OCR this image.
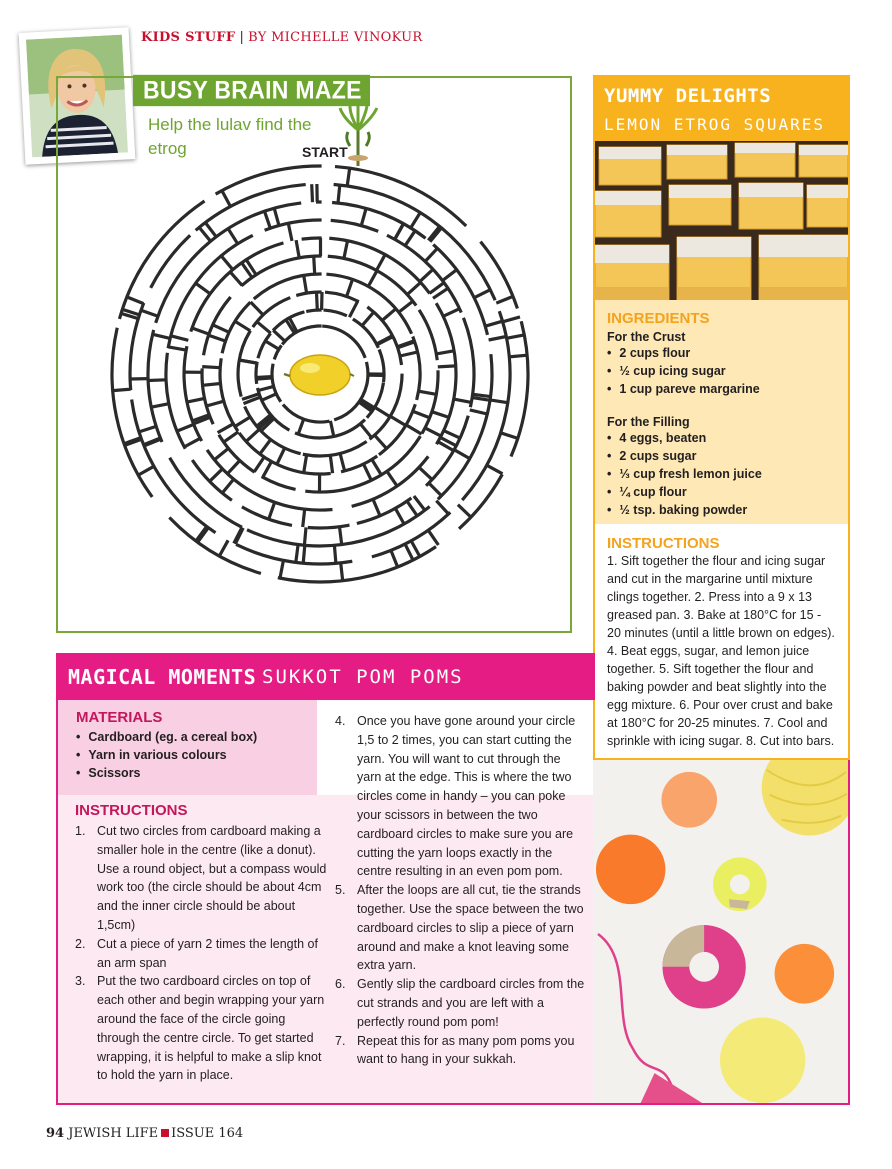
KIDS STUFF | BY MICHELLE VINOKUR
BUSY BRAIN MAZE
Help the lulav find the etrog	START
YUMMY DELIGHTS
LEMON ETROG SQUARES
INGREDIENTS
For the Crust
• 2 cups flour
• ½ cup icing sugar
• 1 cup pareve margarine
For the Filling
• 4 eggs, beaten
• 2 cups sugar
• ⅓ cup fresh lemon juice
• ¼ cup flour
• ½ tsp. baking powder
INSTRUCTIONS

1. Sift together the flour and icing sugar and cut in the margarine until mixture clings together. 2. Press into a 9 x 13 greased pan. 3. Bake at 180°C for 15 - 20 minutes (until a little brown on edges). 4. Beat eggs, sugar, and lemon juice together. 5. Sift together the flour and baking powder and beat slightly into the egg mixture. 6. Pour over crust and bake at 180°C for 20-25 minutes. 7. Cool and sprinkle with icing sugar. 8. Cut into bars.

MAGICAL MOMENTS SUKKOT POM POMS
MATERIALS
• Cardboard (eg. a cereal box)
• Yarn in various colours
• Scissors
INSTRUCTIONS
1. Cut two circles from cardboard making a smaller hole in the centre (like a donut). Use a round object, but a compass would work too (the circle should be about 4cm and the inner circle should be about 1,5cm)
2. Cut a piece of yarn 2 times the length of an arm span
3. Put the two cardboard circles on top of each other and begin wrapping your yarn around the face of the circle going through the centre circle. To get started wrapping, it is helpful to make a slip knot to hold the yarn in place.
4. Once you have gone around your circle 1,5 to 2 times, you can start cutting the yarn. You will want to cut through the yarn at the edge. This is where the two circles come in handy – you can poke your scissors in between the two cardboard circles to make sure you are cutting the yarn loops exactly in the centre resulting in an even pom pom.
5. After the loops are all cut, tie the strands together. Use the space between the two cardboard circles to slip a piece of yarn around and make a knot leaving some extra yarn.
6. Gently slip the cardboard circles from the cut strands and you are left with a perfectly round pom pom!
7. Repeat this for as many pom poms you want to hang in your sukkah.
94 JEWISH LIFE ISSUE 164
